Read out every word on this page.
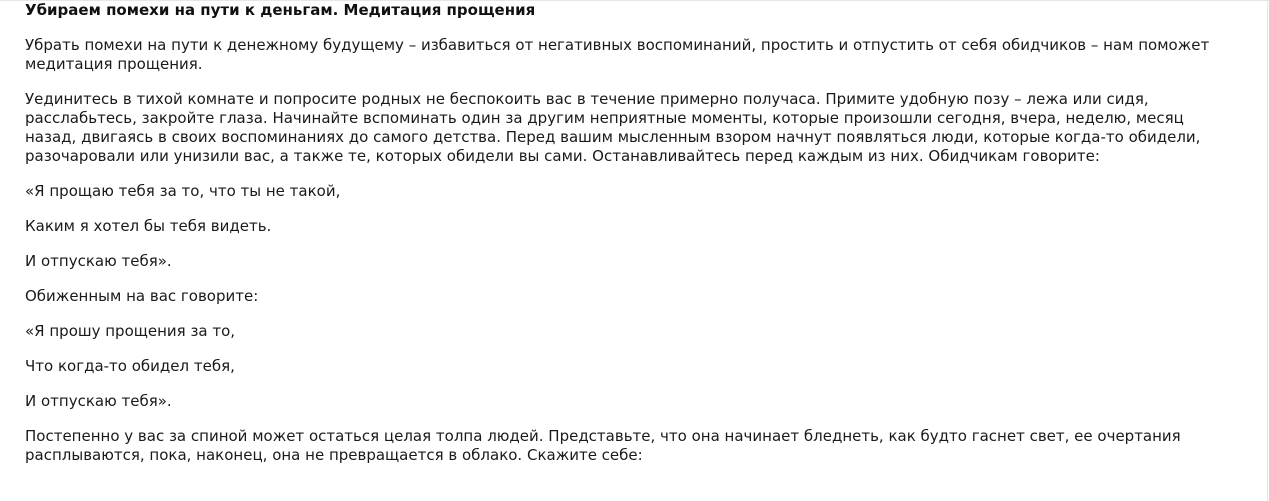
Убираем помехи на пути к деньгам. Медитация прощения

Убрать помехи на пути к денежному будущему – избавиться от негативных воспоминаний, простить и отпустить от себя обидчиков – нам поможет медитация прощения.

Уединитесь в тихой комнате и попросите родных не беспокоить вас в течение примерно получаса. Примите удобную позу – лежа или сидя, расслабьтесь, закройте глаза. Начинайте вспоминать один за другим неприятные моменты, которые произошли сегодня, вчера, неделю, месяц назад, двигаясь в своих воспоминаниях до самого детства. Перед вашим мысленным взором начнут появляться люди, которые когда-то обидели, разочаровали или унизили вас, а также те, которых обидели вы сами. Останавливайтесь перед каждым из них. Обидчикам говорите:

«Я прощаю тебя за то, что ты не такой,

Каким я хотел бы тебя видеть.

И отпускаю тебя».

Обиженным на вас говорите:

«Я прошу прощения за то,

Что когда-то обидел тебя,

И отпускаю тебя».

Постепенно у вас за спиной может остаться целая толпа людей. Представьте, что она начинает бледнеть, как будто гаснет свет, ее очертания расплываются, пока, наконец, она не превращается в облако. Скажите себе:
